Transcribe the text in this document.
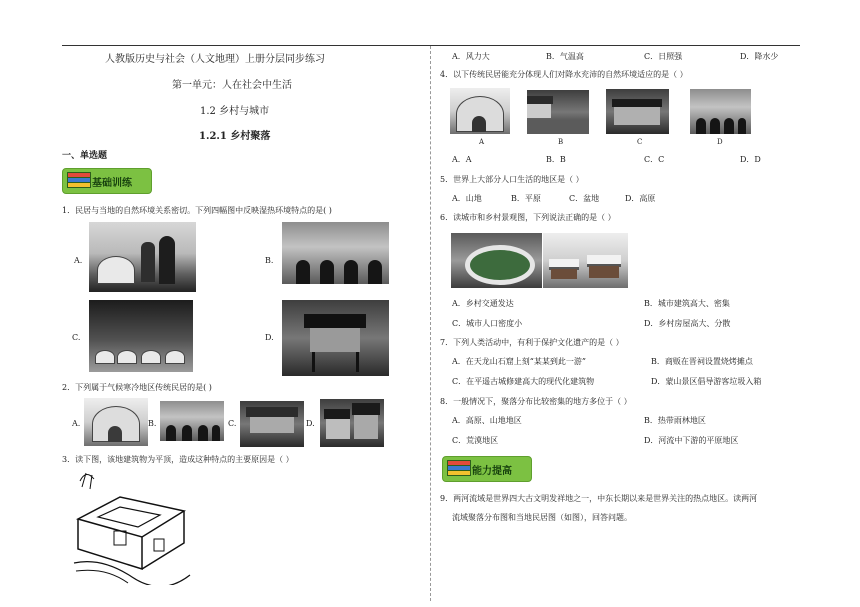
人教版历史与社会（人文地理）上册分层同步练习
第一单元：人在社会中生活
1.2 乡村与城市
1.2.1 乡村聚落
一、单选题
基础训练
1．民居与当地的自然环境关系密切。下列四幅图中反映湿热环境特点的是( )
A.	B.
C.	D.
2．下列属于气候寒冷地区传统民居的是( )
A.	B.	C.	D.
3．读下图，该地建筑物为平顶，造成这种特点的主要原因是（ ）
A．风力大	B．气温高	C．日照强	D．降水少
4．以下传统民居能充分体现人们对降水充沛的自然环境适应的是（ ）
A	B	C	D
A．A	B．B	C．C	D．D
5．世界上大部分人口生活的地区是（ ）
A．山地	B．平原	C．盆地	D．高原
6．读城市和乡村景观图，下列说法正确的是（ ）
A．乡村交通发达	B．城市建筑高大、密集
C．城市人口密度小	D．乡村房屋高大、分散
7．下列人类活动中，有利于保护文化遗产的是（ ）
A．在天龙山石窟上刻“某某到此一游”	B．商贩在晋祠设置烧烤摊点
C．在平遥古城修建高大的现代化建筑物	D．蒙山景区倡导游客垃圾入箱
8．一般情况下，聚落分布比较密集的地方多位于（ ）
A．高原、山地地区	B．热带雨林地区
C．荒漠地区	D．河流中下游的平原地区
能力提高
9．两河流域是世界四大古文明发祥地之一，中东长期以来是世界关注的热点地区。读两河
流域聚落分布图和当地民居图（如图），回答问题。
